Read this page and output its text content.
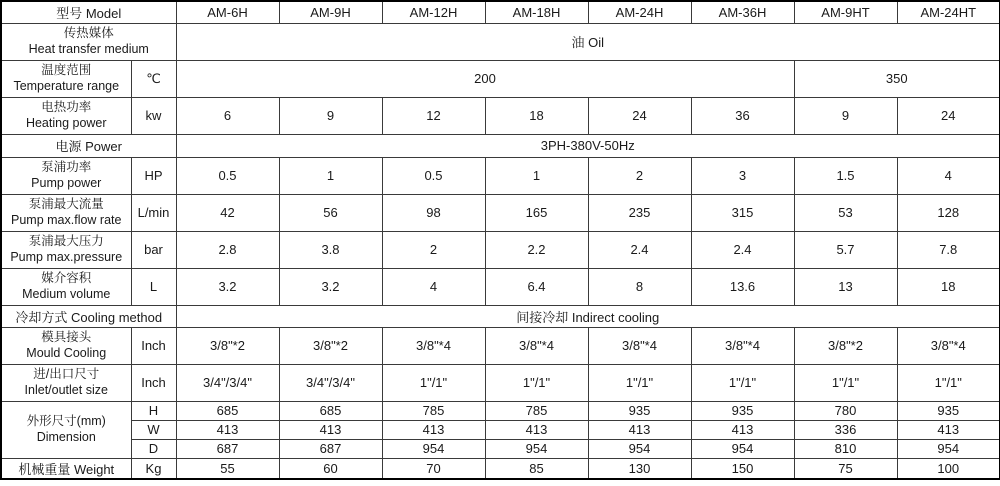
型号 Model		AM-6H	AM-9H	AM-12H	AM-18H	AM-24H	AM-36H	AM-9HT	AM-24HT

传热媒体
Heat transfer medium		油 Oil							

温度范围
Temperature range	℃	200						350	

电热功率
Heating power	kw	6	9	12	18	24	36	9	24
电源 Power		3PH-380V-50Hz							

泵浦功率
Pump power	HP	0.5	1	0.5	1	2	3	1.5	4

泵浦最大流量
Pump max.flow rate	L/min	42	56	98	165	235	315	53	128

泵浦最大压力
Pump max.pressure	bar	2.8	3.8	2	2.2	2.4	2.4	5.7	7.8

媒介容积
Medium volume	L	3.2	3.2	4	6.4	8	13.6	13	18
冷却方式 Cooling method		间接冷却 Indirect cooling							

模具接头
Mould Cooling	Inch	3/8"*2	3/8"*2	3/8"*4	3/8"*4	3/8"*4	3/8"*4	3/8"*2	3/8"*4

进/出口尺寸
Inlet/outlet size	Inch	3/4"/3/4"	3/4"/3/4"	1"/1"	1"/1"	1"/1"	1"/1"	1"/1"	1"/1"

外形尺寸(mm)
Dimension	H	685	685	785	785	935	935	780	935
	W	413	413	413	413	413	413	336	413
	D	687	687	954	954	954	954	810	954
机械重量 Weight	Kg	55	60	70	85	130	150	75	100
